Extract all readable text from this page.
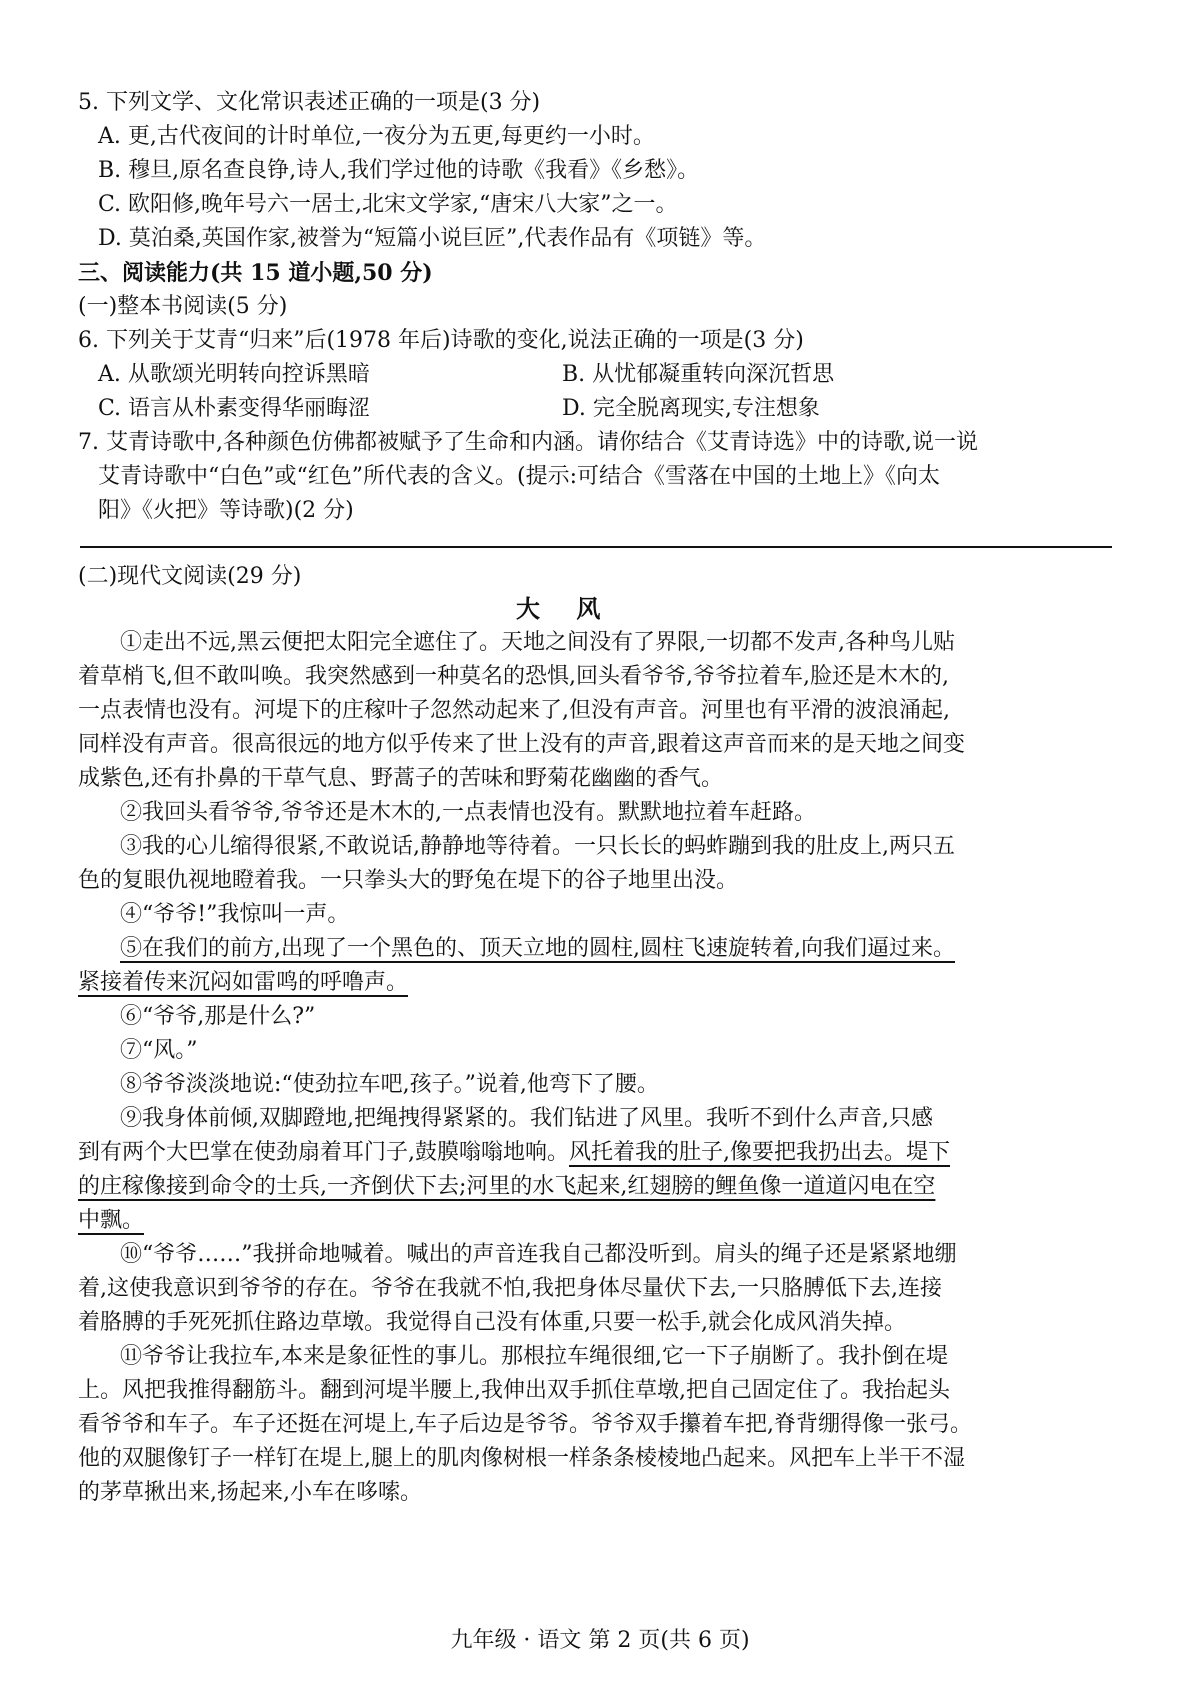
5. 下列文学、文化常识表述正确的一项是(3 分)
A. 更,古代夜间的计时单位,一夜分为五更,每更约一小时。
B. 穆旦,原名查良铮,诗人,我们学过他的诗歌《我看》《乡愁》。
C. 欧阳修,晚年号六一居士,北宋文学家,“唐宋八大家”之一。
D. 莫泊桑,英国作家,被誉为“短篇小说巨匠”,代表作品有《项链》等。
三、阅读能力(共 15 道小题,50 分)
(一)整本书阅读(5 分)
6. 下列关于艾青“归来”后(1978 年后)诗歌的变化,说法正确的一项是(3 分)
A. 从歌颂光明转向控诉黑暗	B. 从忧郁凝重转向深沉哲思
C. 语言从朴素变得华丽晦涩	D. 完全脱离现实,专注想象
7. 艾青诗歌中,各种颜色仿佛都被赋予了生命和内涵。请你结合《艾青诗选》中的诗歌,说一说
艾青诗歌中“白色”或“红色”所代表的含义。(提示:可结合《雪落在中国的土地上》《向太
阳》《火把》等诗歌)(2 分)
(二)现代文阅读(29 分)
大 风
①走出不远,黑云便把太阳完全遮住了。天地之间没有了界限,一切都不发声,各种鸟儿贴
着草梢飞,但不敢叫唤。我突然感到一种莫名的恐惧,回头看爷爷,爷爷拉着车,脸还是木木的,
一点表情也没有。河堤下的庄稼叶子忽然动起来了,但没有声音。河里也有平滑的波浪涌起,
同样没有声音。很高很远的地方似乎传来了世上没有的声音,跟着这声音而来的是天地之间变
成紫色,还有扑鼻的干草气息、野蒿子的苦味和野菊花幽幽的香气。
②我回头看爷爷,爷爷还是木木的,一点表情也没有。默默地拉着车赶路。
③我的心儿缩得很紧,不敢说话,静静地等待着。一只长长的蚂蚱蹦到我的肚皮上,两只五
色的复眼仇视地瞪着我。一只拳头大的野兔在堤下的谷子地里出没。
④“爷爷!”我惊叫一声。
⑤在我们的前方,出现了一个黑色的、顶天立地的圆柱,圆柱飞速旋转着,向我们逼过来。
紧接着传来沉闷如雷鸣的呼噜声。
⑥“爷爷,那是什么?”
⑦“风。”
⑧爷爷淡淡地说:“使劲拉车吧,孩子。”说着,他弯下了腰。
⑨我身体前倾,双脚蹬地,把绳拽得紧紧的。我们钻进了风里。我听不到什么声音,只感
到有两个大巴掌在使劲扇着耳门子,鼓膜嗡嗡地响。风托着我的肚子,像要把我扔出去。堤下
的庄稼像接到命令的士兵,一齐倒伏下去;河里的水飞起来,红翅膀的鲤鱼像一道道闪电在空
中飘。
⑩“爷爷……”我拼命地喊着。喊出的声音连我自己都没听到。肩头的绳子还是紧紧地绷
着,这使我意识到爷爷的存在。爷爷在我就不怕,我把身体尽量伏下去,一只胳膊低下去,连接
着胳膊的手死死抓住路边草墩。我觉得自己没有体重,只要一松手,就会化成风消失掉。
⑪爷爷让我拉车,本来是象征性的事儿。那根拉车绳很细,它一下子崩断了。我扑倒在堤
上。风把我推得翻筋斗。翻到河堤半腰上,我伸出双手抓住草墩,把自己固定住了。我抬起头
看爷爷和车子。车子还挺在河堤上,车子后边是爷爷。爷爷双手攥着车把,脊背绷得像一张弓。
他的双腿像钉子一样钉在堤上,腿上的肌肉像树根一样条条棱棱地凸起来。风把车上半干不湿
的茅草揪出来,扬起来,小车在哆嗦。
九年级 · 语文 第 2 页(共 6 页)
